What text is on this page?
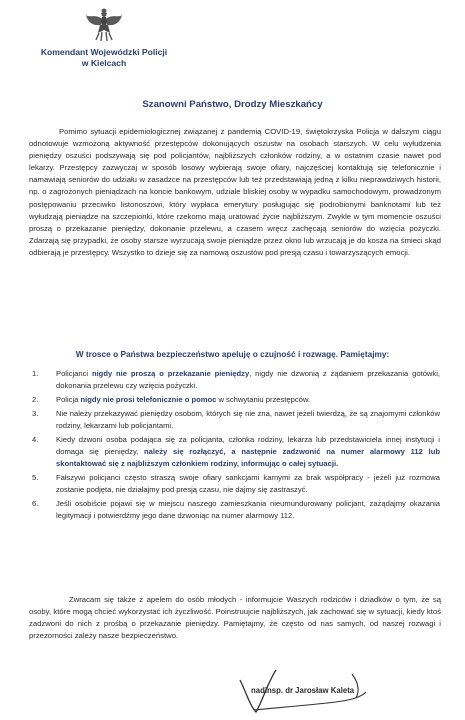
Komendant Wojewódzki Policji
w Kielcach
Szanowni Państwo, Drodzy Mieszkańcy
Pomimo sytuacji epidemiologicznej związanej z pandemią COVID-19, świętokrzyska Policja w dalszym ciągu odnotowuje wzmożoną aktywność przestępców dokonujących oszustw na osobach starszych. W celu wyłudzenia pieniędzy oszuści podszywają się pod policjantów, najbliższych członków rodziny, a w ostatnim czasie nawet pod lekarzy. Przestępcy zazwyczaj w sposób losowy wybierają swoje ofiary, najczęściej kontaktują się telefonicznie i namawiają seniorów do udziału w zasadzce na przestępców lub też przedstawiają jedną z kilku nieprawdziwych historii, np. o zagrożonych pieniądzach na koncie bankowym, udziale bliskiej osoby w wypadku samochodowym, prowadzonym postępowaniu przeciwko listonoszowi, który wypłaca emerytury posługując się podrobionymi banknotami lub też wyłudzają pieniądze na szczepionki, które rzekomo mają uratować życie najbliższym. Zwykle w tym momencie oszuści proszą o przekazanie pieniędzy, dokonanie przelewu, a czasem wręcz zachęcają seniorów do wzięcia pożyczki. Zdarzają się przypadki, że osoby starsze wyrzucają swoje pieniądze przez okno lub wrzucają je do kosza na śmieci skąd odbierają je przestępcy. Wszystko to dzieje się za namową oszustów pod presją czasu i towarzyszących emocji.
W trosce o Państwa bezpieczeństwo apeluję o czujność i rozwagę. Pamiętajmy:
1. Policjanci nigdy nie proszą o przekazanie pieniędzy, nigdy nie dzwonią z żądaniem przekazania gotówki, dokonania przelewu czy wzięcia pożyczki.
2. Policja nigdy nie prosi telefonicznie o pomoc w schwytaniu przestępców.
3. Nie należy przekazywać pieniędzy osobom, których się nie zna, nawet jeżeli twierdzą, że są znajomymi członków rodziny, lekarzami lub policjantami.
4. Kiedy dzwoni osoba podająca się za policjanta, członka rodziny, lekarza lub przedstawiciela innej instytucji i domaga się pieniędzy, należy się rozłączyć, a następnie zadzwonić na numer alarmowy 112 lub skontaktować się z najbliższym członkiem rodziny, informując o całej sytuacji.
5. Fałszywi policjanci często straszą swoje ofiary sankcjami karnymi za brak współpracy - jeżeli już rozmowa zostanie podjęta, nie działajmy pod presją czasu, nie dajmy się zastraszyć.
6. Jeśli osobiście pojawi się w miejscu naszego zamieszkania nieumundurowany policjant, zażądajmy okazania legitymacji i potwierdźmy jego dane dzwoniąc na numer alarmowy 112.
Zwracam się także z apelem do osób młodych - informujcie Waszych rodziców i dziadków o tym, że są osoby, które mogą chcieć wykorzystać ich życzliwość. Poinstruujcie najbliższych, jak zachować się w sytuacji, kiedy ktoś zadzwoni do nich z prośbą o przekazanie pieniędzy. Pamiętajmy, że często od nas samych, od naszej rozwagi i przezorności zależy nasze bezpieczeństwo.
nadinsp. dr Jarosław Kaleta
